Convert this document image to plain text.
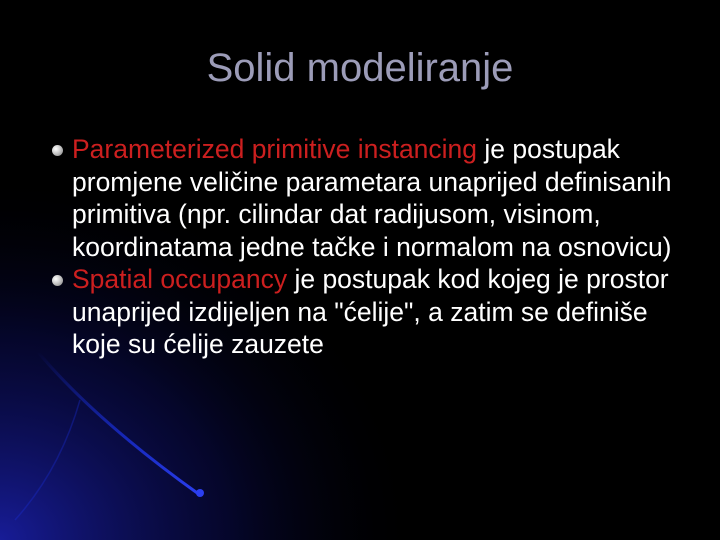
Solid modeliranje
Parameterized primitive instancing je postupak promjene veličine parametara unaprijed definisanih primitiva (npr. cilindar dat radijusom, visinom, koordinatama jedne tačke i normalom na osnovicu)
Spatial occupancy je postupak kod kojeg je prostor unaprijed izdijeljen na "ćelije", a zatim se definiše koje su ćelije zauzete
